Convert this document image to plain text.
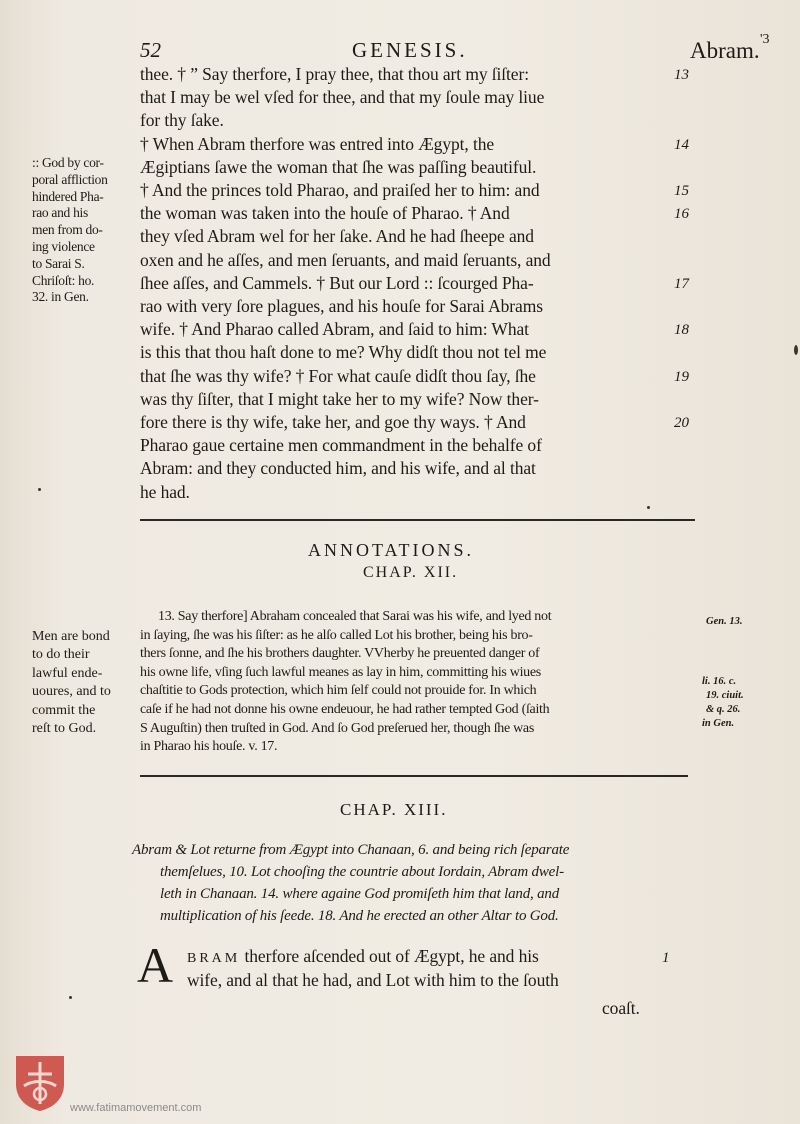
52	GENESIS.	Abram. '3
thee. † ” Say therfore, I pray thee, that thou art my ſiſter:	13
that I may be wel vſed for thee, and that my ſoule may liue
for thy ſake.
† When Abram therfore was entred into Ægypt, the	14
Ægiptians ſawe the woman that ſhe was paſſing beautiful.
† And the princes told Pharao, and praiſed her to him: and	15
the woman was taken into the houſe of Pharao. † And	16
they vſed Abram wel for her ſake. And he had ſheepe and
oxen and he aſſes, and men ſeruants, and maid ſeruants, and
ſhee aſſes, and Cammels. † But our Lord :: ſcourged Pha-	17
rao with very ſore plagues, and his houſe for Sarai Abrams
wife. † And Pharao called Abram, and ſaid to him: What	18
is this that thou haſt done to me? Why didſt thou not tel me
that ſhe was thy wife? † For what cauſe didſt thou ſay, ſhe	19
was thy ſiſter, that I might take her to my wife? Now ther-
fore there is thy wife, take her, and goe thy ways. † And	20
Pharao gaue certaine men commandment in the behalfe of
Abram: and they conducted him, and his wife, and al that
he had.
:: God by cor-
poral affliction
hindered Pha-
rao and his
men from do-
ing violence
to Sarai S.
Chriſoſt: ho.
32. in Gen.
ANNOTATIONS.
CHAP. XII.
13. Say therfore] Abraham concealed that Sarai was his wife, and lyed not
in ſaying, ſhe was his ſiſter: as he alſo called Lot his brother, being his bro-
thers ſonne, and ſhe his brothers daughter. VVherby he preuented danger of
his owne life, vſing ſuch lawful meanes as lay in him, committing his wiues
chaſtitie to Gods protection, which him ſelf could not prouide for. In which
caſe if he had not donne his owne endeuour, he had rather tempted God (ſaith
S Auguſtin) then truſted in God. And ſo God preſerued her, though ſhe was
in Pharao his houſe. v. 17.
Men are bond
to do their
lawful ende-
uoures, and to
commit the
reſt to God.
Gen. 13.
li. 16. c.
19. ciuit.
& q. 26.
in Gen.
CHAP. XIII.
Abram & Lot returne from Ægypt into Chanaan, 6. and being rich ſeparate
themſelues, 10. Lot chooſing the countrie about Iordain, Abram dwel-
leth in Chanaan. 14. where againe God promiſeth him that land, and
multiplication of his ſeede. 18. And he erected an other Altar to God.
A BRAM therfore aſcended out of Ægypt, he and his	1
wife, and al that he had, and Lot with him to the ſouth
coaſt.
www.fatimamovement.com
